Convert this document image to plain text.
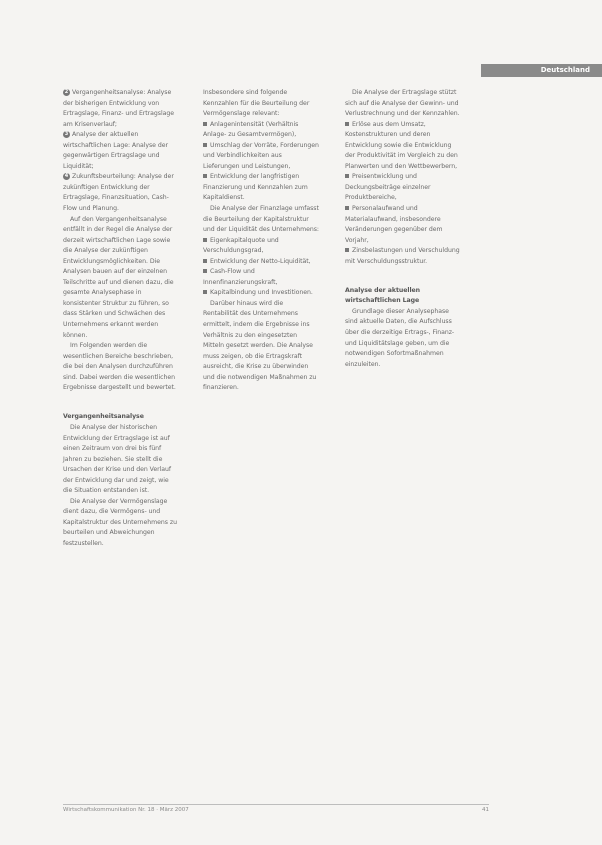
Deutschland

2 Vergangenheitsanalyse: Analyse der bisherigen Entwicklung von Ertragslage, Finanz- und Ertragslage am Krisenverlauf;

3 Analyse der aktuellen wirtschaftlichen Lage: Analyse der gegenwärtigen Ertragslage und Liquidität;

4 Zukunftsbeurteilung: Analyse der zukünftigen Entwicklung der Ertragslage, Finanzsituation, Cash-Flow und Planung.

Auf den Vergangenheitsanalyse entfällt in der Regel die Analyse der derzeit wirtschaftlichen Lage sowie die Analyse der zukünftigen Entwicklungsmöglichkeiten. Die Analysen bauen auf der einzelnen Teilschritte auf und dienen dazu, die gesamte Analysephase in konsistenter Struktur zu führen, so dass Stärken und Schwächen des Unternehmens erkannt werden können.

Im Folgenden werden die wesentlichen Bereiche beschrieben, die bei den Analysen durchzuführen sind. Dabei werden die wesentlichen Ergebnisse dargestellt und bewertet.

Vergangenheitsanalyse

Die Analyse der historischen Entwicklung der Ertragslage ist auf einen Zeitraum von drei bis fünf Jahren zu beziehen. Sie stellt die Ursachen der Krise und den Verlauf der Entwicklung dar und zeigt, wie die Situation entstanden ist.

Die Analyse der Vermögenslage dient dazu, die Vermögens- und Kapitalstruktur des Unternehmens zu beurteilen und Abweichungen festzustellen.

Insbesondere sind folgende Kennzahlen für die Beurteilung der Vermögenslage relevant:

Anlagenintensität (Verhältnis Anlage- zu Gesamtvermögen),

Umschlag der Vorräte, Forderungen und Verbindlichkeiten aus Lieferungen und Leistungen,

Entwicklung der langfristigen Finanzierung und Kennzahlen zum Kapitaldienst.

Die Analyse der Finanzlage umfasst die Beurteilung der Kapitalstruktur und der Liquidität des Unternehmens:

Eigenkapitalquote und Verschuldungsgrad,

Entwicklung der Netto-Liquidität,

Cash-Flow und Innenfinanzierungskraft,

Kapitalbindung und Investitionen.

Darüber hinaus wird die Rentabilität des Unternehmens ermittelt, indem die Ergebnisse ins Verhältnis zu den eingesetzten Mitteln gesetzt werden. Die Analyse muss zeigen, ob die Ertragskraft ausreicht, die Krise zu überwinden und die notwendigen Maßnahmen zu finanzieren.

Die Analyse der Ertragslage stützt sich auf die Analyse der Gewinn- und Verlustrechnung und der Kennzahlen.

Erlöse aus dem Umsatz, Kostenstrukturen und deren Entwicklung sowie die Entwicklung der Produktivität im Vergleich zu den Planwerten und den Wettbewerbern,

Preisentwicklung und Deckungsbeiträge einzelner Produktbereiche,

Personalaufwand und Materialaufwand, insbesondere Veränderungen gegenüber dem Vorjahr,

Zinsbelastungen und Verschuldung mit Verschuldungsstruktur.

Analyse der aktuellen wirtschaftlichen Lage

Grundlage dieser Analysephase sind aktuelle Daten, die Aufschluss über die derzeitige Ertrags-, Finanz- und Liquiditätslage geben, um die notwendigen Sofortmaßnahmen einzuleiten.

Wirtschaftskommunikation Nr. 18 · März 2007	41
